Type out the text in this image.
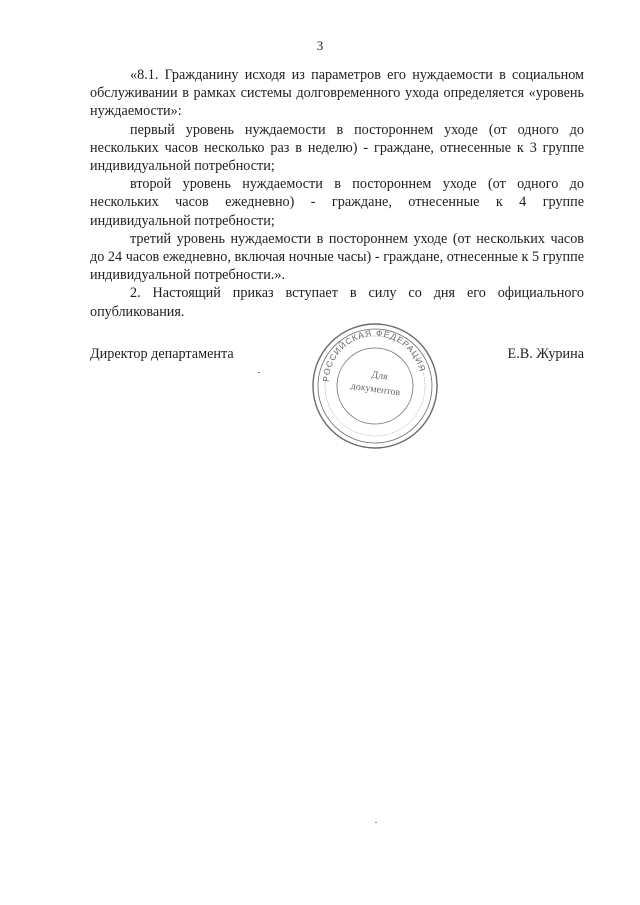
3

«8.1. Гражданину исходя из параметров его нуждаемости в социальном обслуживании в рамках системы долговременного ухода определяется «уровень нуждаемости»:

первый уровень нуждаемости в постороннем уходе (от одного до нескольких часов несколько раз в неделю) - граждане, отнесенные к 3 группе индивидуальной потребности;

второй уровень нуждаемости в постороннем уходе (от одного до нескольких часов ежедневно) - граждане, отнесенные к 4 группе индивидуальной потребности;

третий уровень нуждаемости в постороннем уходе (от нескольких часов до 24 часов ежедневно, включая ночные часы) - граждане, отнесенные к 5 группе индивидуальной потребности.».

2. Настоящий приказ вступает в силу со дня его официального опубликования.

Директор департамента	Е.В. Журина
РОССИЙСКАЯ ФЕДЕРАЦИЯ
Для
документов
